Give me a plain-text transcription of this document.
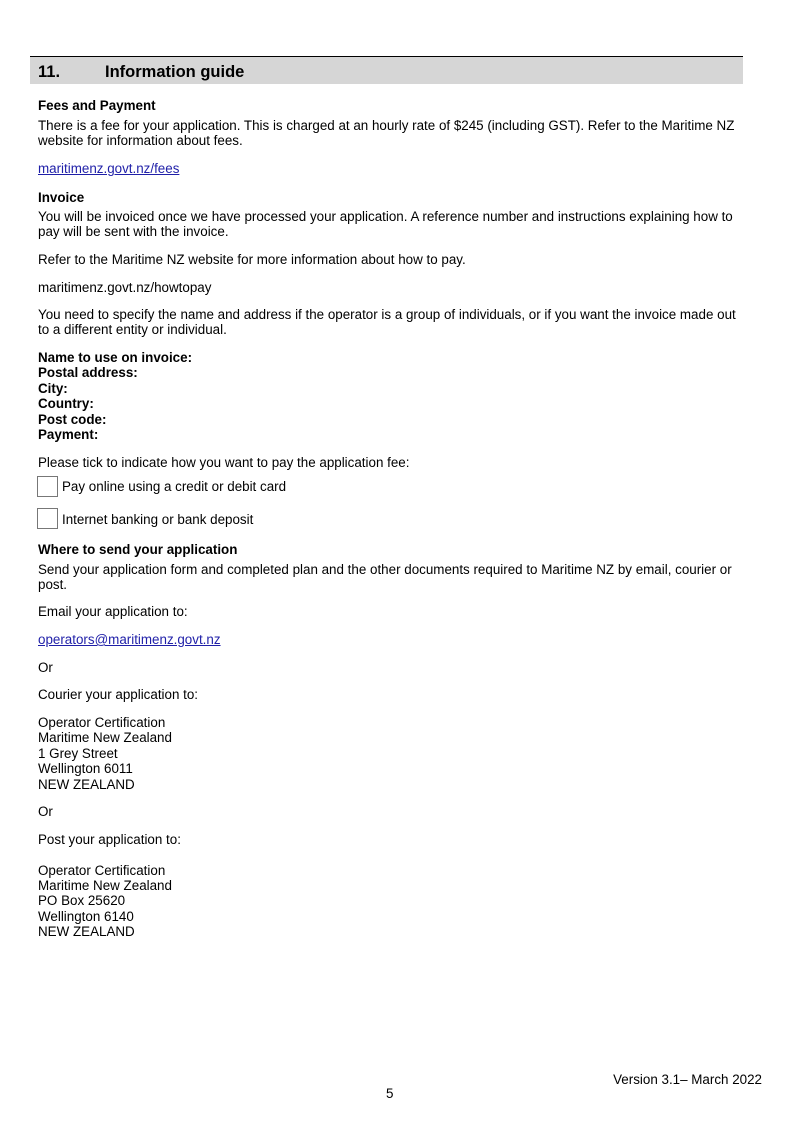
11.	Information guide
Fees and Payment
There is a fee for your application. This is charged at an hourly rate of $245 (including GST). Refer to the Maritime NZ
website for information about fees.
maritimenz.govt.nz/fees
Invoice
You will be invoiced once we have processed your application. A reference number and instructions explaining how to
pay will be sent with the invoice.
Refer to the Maritime NZ website for more information about how to pay.
maritimenz.govt.nz/howtopay
You need to specify the name and address if the operator is a group of individuals, or if you want the invoice made out
to a different entity or individual.
Name to use on invoice:
Postal address:
City:
Country:
Post code:
Payment:
Please tick to indicate how you want to pay the application fee:
Pay online using a credit or debit card
Internet banking or bank deposit
Where to send your application
Send your application form and completed plan and the other documents required to Maritime NZ by email, courier or
post.
Email your application to:
operators@maritimenz.govt.nz
Or
Courier your application to:
Operator Certification
Maritime New Zealand
1 Grey Street
Wellington 6011
NEW ZEALAND
Or
Post your application to:
Operator Certification
Maritime New Zealand
PO Box 25620
Wellington 6140
NEW ZEALAND
Version 3.1– March 2022
5
